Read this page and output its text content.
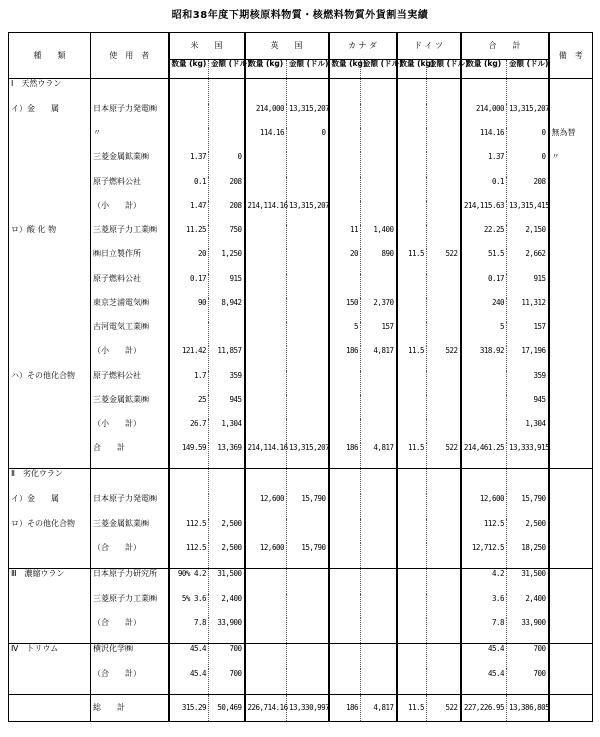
昭和38年度下期核原料物質・核燃料物質外貨割当実績
種　　類	使　用　者	米　　国		英　　国		カ ナ ダ		ド イ ツ		合　　計		備　考
		数量 (kg)	金額 (ドル)	数量 (kg)	金額 (ドル)	数量 (kg)	金額 (ドル)	数量 (kg)	金額 (ドル)	数量 (kg)	金額 (ドル)	
Ⅰ　天然ウラン												
イ）金　　属	日本原子力発電㈱			214,000	13,315,207					214,000	13,315,207	
	〃			114.16	0					114.16	0	無為替
	三菱金属鉱業㈱	1.37	0							1.37	0	〃
	原子燃料公社	0.1	208							0.1	208	
	（小　　計）	1.47	208	214,114.16	13,315,207					214,115.63	13,315,415	
ロ）酸 化 物	三菱原子力工業㈱	11.25	750			11	1,400			22.25	2,150	
	㈱日立製作所	20	1,250			20	890	11.5	522	51.5	2,662	
	原子燃料公社	0.17	915							0.17	915	
	東京芝浦電気㈱	90	8,942			150	2,370			240	11,312	
	古河電気工業㈱					5	157			5	157	
	（小　　計）	121.42	11,857			186	4,817	11.5	522	318.92	17,196	
ハ）その他化合物	原子燃料公社	1.7	359								359	
	三菱金属鉱業㈱	25	945								945	
	（小　　計）	26.7	1,304								1,304	
	合　　計	149.59	13,369	214,114.16	13,315,207	186	4,817	11.5	522	214,461.25	13,333,915	
Ⅱ　劣化ウラン												
イ）金　　属	日本原子力発電㈱			12,600	15,790					12,600	15,790	
ロ）その他化合物	三菱金属鉱業㈱	112.5	2,500							112.5	2,500	
	（合　　計）	112.5	2,500	12,600	15,790					12,712.5	18,250	
Ⅲ　濃縮ウラン	日本原子力研究所	90% 4.2	31,500							4.2	31,500	
	三菱原子力工業㈱	5% 3.6	2,400							3.6	2,400	
	（合　　計）	7.8	33,900							7.8	33,900	
Ⅳ　トリウム	横沢化学㈱	45.4	700							45.4	700	
	（合　　計）	45.4	700							45.4	700	
	総　　計	315.29	50,469	226,714.16	13,330,997	186	4,817	11.5	522	227,226.95	13,386,805	
